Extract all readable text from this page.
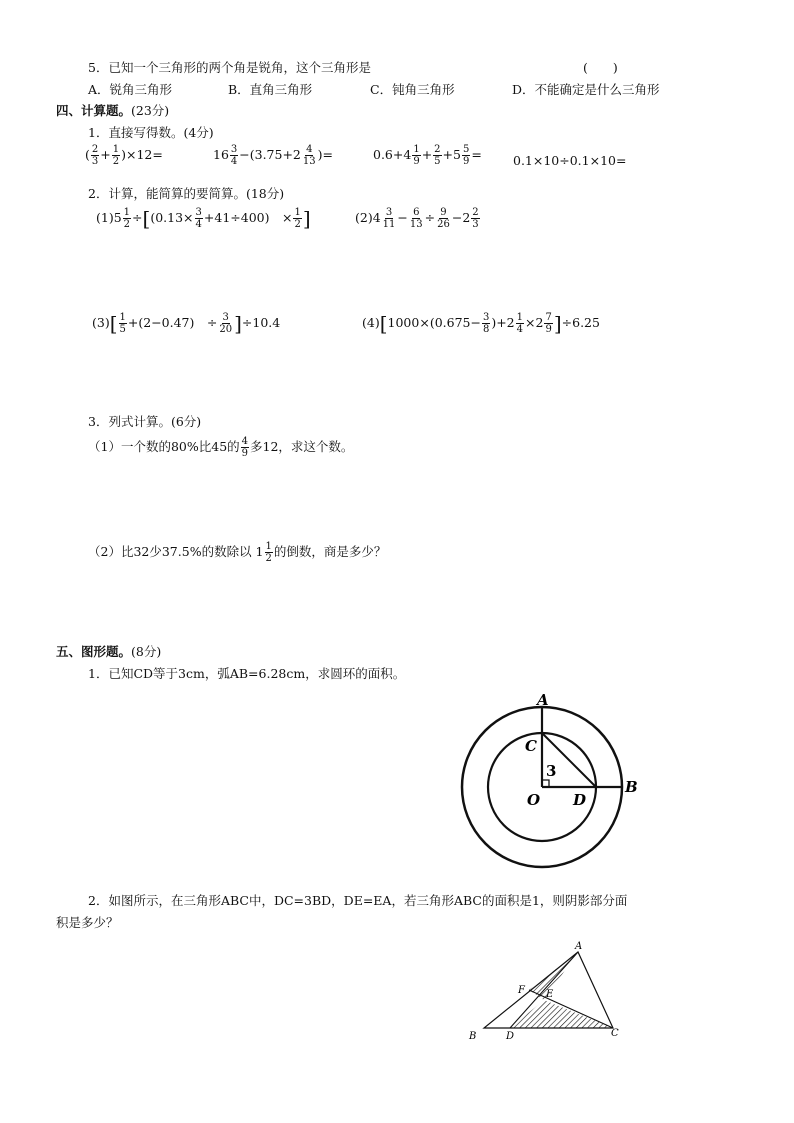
5．已知一个三角形的两个角是锐角，这个三角形是	(　　)
A．锐角三角形	B．直角三角形	C．钝角三角形	D．不能确定是什么三角形
四、计算题。(23分)
1．直接写得数。(4分)
( $\frac{2}{3} + \frac{1}{2} )\times 12=$	$16 \frac{3}{4} -(3.75+2 \frac{4}{13}$ )=	$0.6+4 \frac{1}{9} + \frac{2}{5} +5 \frac{5}{9} = 0.1\times 10\div 0.1\times 10=$
2．计算，能简算的要简算。(18分)
$(1)5 \frac{1}{2} \div[(0.13\times \frac{3}{4} +41\div 400)$　× $\frac{1}{2}$ ]	$(2)4 \frac{3}{11} - \frac{6}{13} \div \frac{9}{26} -2 \frac{2}{3}$
$(3)[ \frac{1}{5} +(2-0.47)$　÷ $\frac{3}{20} ]\div 10.4$	$(4)[1000\times(0.675- \frac{3}{8} )+2 \frac{1}{4} \times 2 \frac{7}{9} ]\div 6.25$
3．列式计算。(6分)
（1）一个数的80%比45的 $\frac{4}{9}$ 多12，求这个数。
（2）比32少37.5%的数除以 $1 \frac{1}{2}$ 的倒数，商是多少？
五、图形题。(8分)
1．已知CD等于3cm，弧AB=6.28cm，求圆环的面积。
A
C
3
O D
B
2．如图所示，在三角形ABC中，DC=3BD，DE=EA，若三角形ABC的面积是1，则阴影部分面
积是多少？
A
F E
B	D	C
